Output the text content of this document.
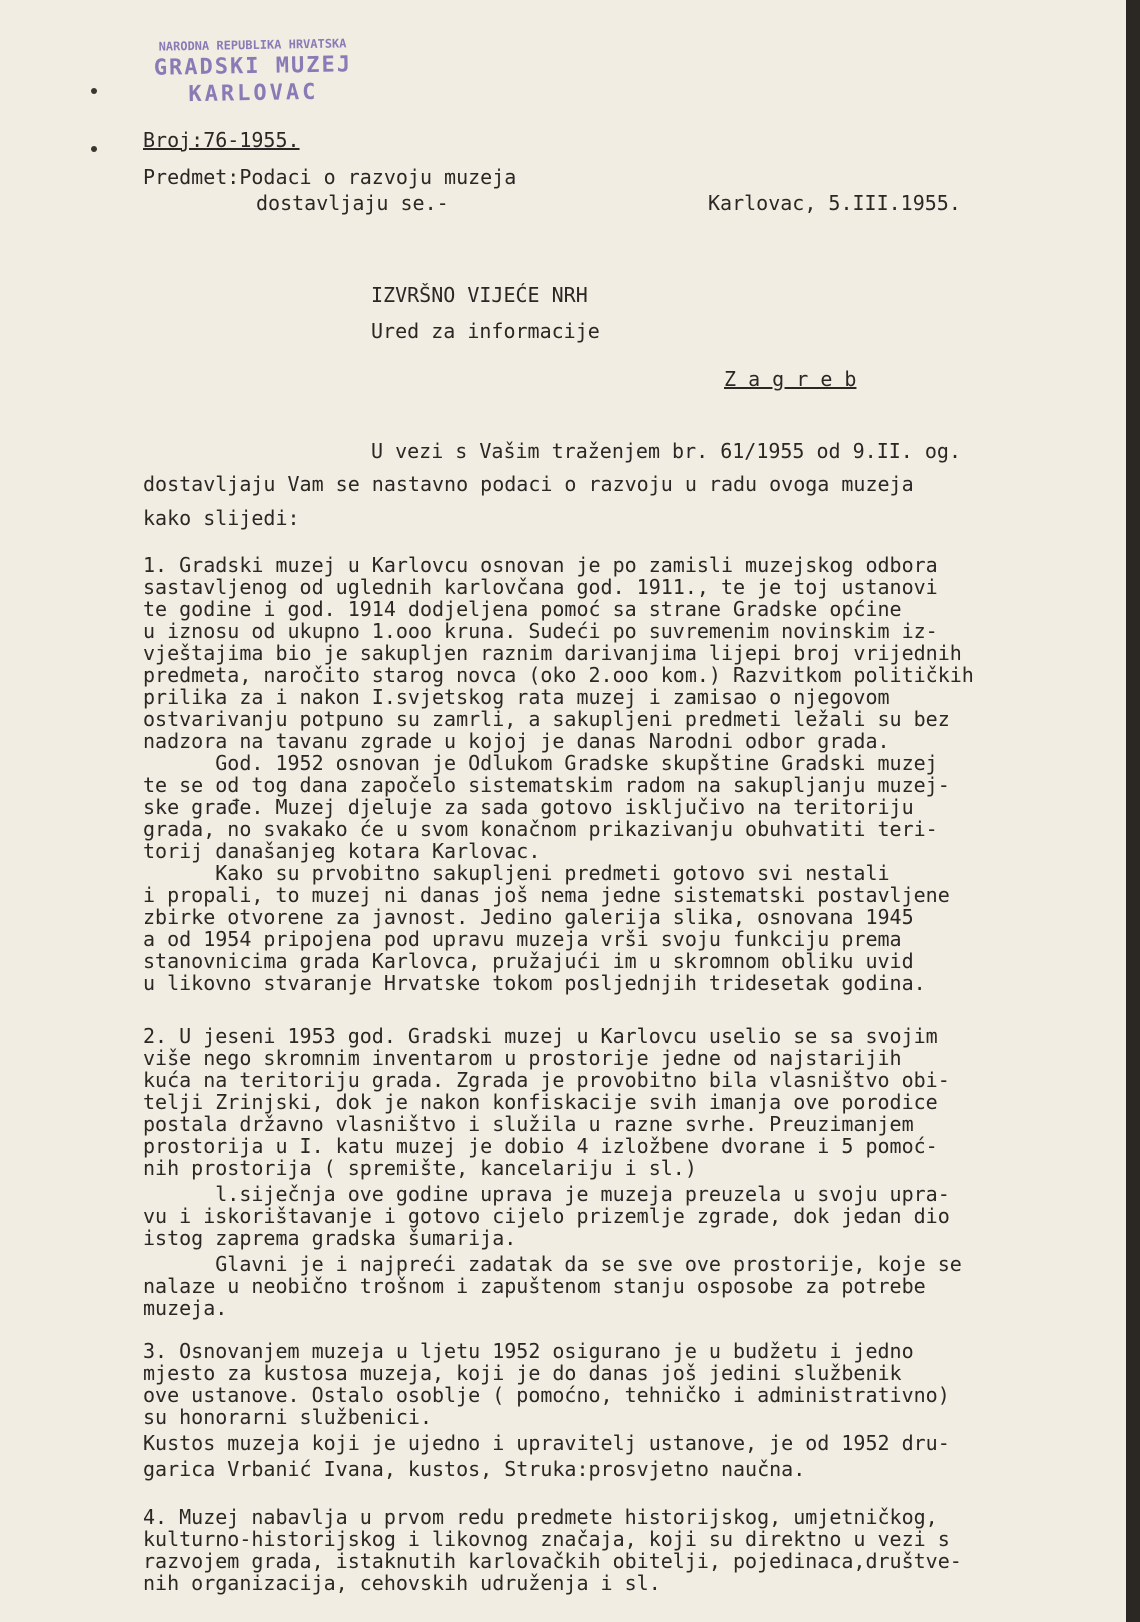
NARODNA REPUBLIKA HRVATSKA
GRADSKI MUZEJ
KARLOVAC
Broj:76-1955.
Predmet:Podaci o razvoju muzeja
dostavljaju se.-	Karlovac, 5.III.1955.
IZVRŠNO VIJEĆE NRH
Ured za informacije
Z a g r e b
U vezi s Vašim traženjem br. 61/1955 od 9.II. og.
dostavljaju Vam se nastavno podaci o razvoju u radu ovoga muzeja
kako slijedi:
1. Gradski muzej u Karlovcu osnovan je po zamisli muzejskog odbora
sastavljenog od uglednih karlovčana god. 1911., te je toj ustanovi
te godine i god. 1914 dodjeljena pomoć sa strane Gradske općine
u iznosu od ukupno 1.ooo kruna. Sudeći po suvremenim novinskim iz-
vještajima bio je sakupljen raznim darivanjima lijepi broj vrijednih
predmeta, naročito starog novca (oko 2.ooo kom.) Razvitkom političkih
prilika za i nakon I.svjetskog rata muzej i zamisao o njegovom
ostvarivanju potpuno su zamrli, a sakupljeni predmeti ležali su bez
nadzora na tavanu zgrade u kojoj je danas Narodni odbor grada.
God. 1952 osnovan je Odlukom Gradske skupštine Gradski muzej
te se od tog dana započelo sistematskim radom na sakupljanju muzej-
ske građe. Muzej djeluje za sada gotovo isključivo na teritoriju
grada, no svakako će u svom konačnom prikazivanju obuhvatiti teri-
torij današanjeg kotara Karlovac.
Kako su prvobitno sakupljeni predmeti gotovo svi nestali
i propali, to muzej ni danas još nema jedne sistematski postavljene
zbirke otvorene za javnost. Jedino galerija slika, osnovana 1945
a od 1954 pripojena pod upravu muzeja vrši svoju funkciju prema
stanovnicima grada Karlovca, pružajući im u skromnom obliku uvid
u likovno stvaranje Hrvatske tokom posljednjih tridesetak godina.
2. U jeseni 1953 god. Gradski muzej u Karlovcu uselio se sa svojim
više nego skromnim inventarom u prostorije jedne od najstarijih
kuća na teritoriju grada. Zgrada je provobitno bila vlasništvo obi-
telji Zrinjski, dok je nakon konfiskacije svih imanja ove porodice
postala državno vlasništvo i služila u razne svrhe. Preuzimanjem
prostorija u I. katu muzej je dobio 4 izložbene dvorane i 5 pomoć-
nih prostorija ( spremište, kancelariju i sl.)
l.siječnja ove godine uprava je muzeja preuzela u svoju upra-
vu i iskorištavanje i gotovo cijelo prizemlje zgrade, dok jedan dio
istog zaprema gradska šumarija.
Glavni je i najpreći zadatak da se sve ove prostorije, koje se
nalaze u neobično trošnom i zapuštenom stanju osposobe za potrebe
muzeja.
3. Osnovanjem muzeja u ljetu 1952 osigurano je u budžetu i jedno
mjesto za kustosa muzeja, koji je do danas još jedini službenik
ove ustanove. Ostalo osoblje ( pomoćno, tehničko i administrativno)
su honorarni službenici.
Kustos muzeja koji je ujedno i upravitelj ustanove, je od 1952 dru-
garica Vrbanić Ivana, kustos, Struka:prosvjetno naučna.
4. Muzej nabavlja u prvom redu predmete historijskog, umjetničkog,
kulturno-historijskog i likovnog značaja, koji su direktno u vezi s
razvojem grada, istaknutih karlovačkih obitelji, pojedinaca,društve-
nih organizacija, cehovskih udruženja i sl.
